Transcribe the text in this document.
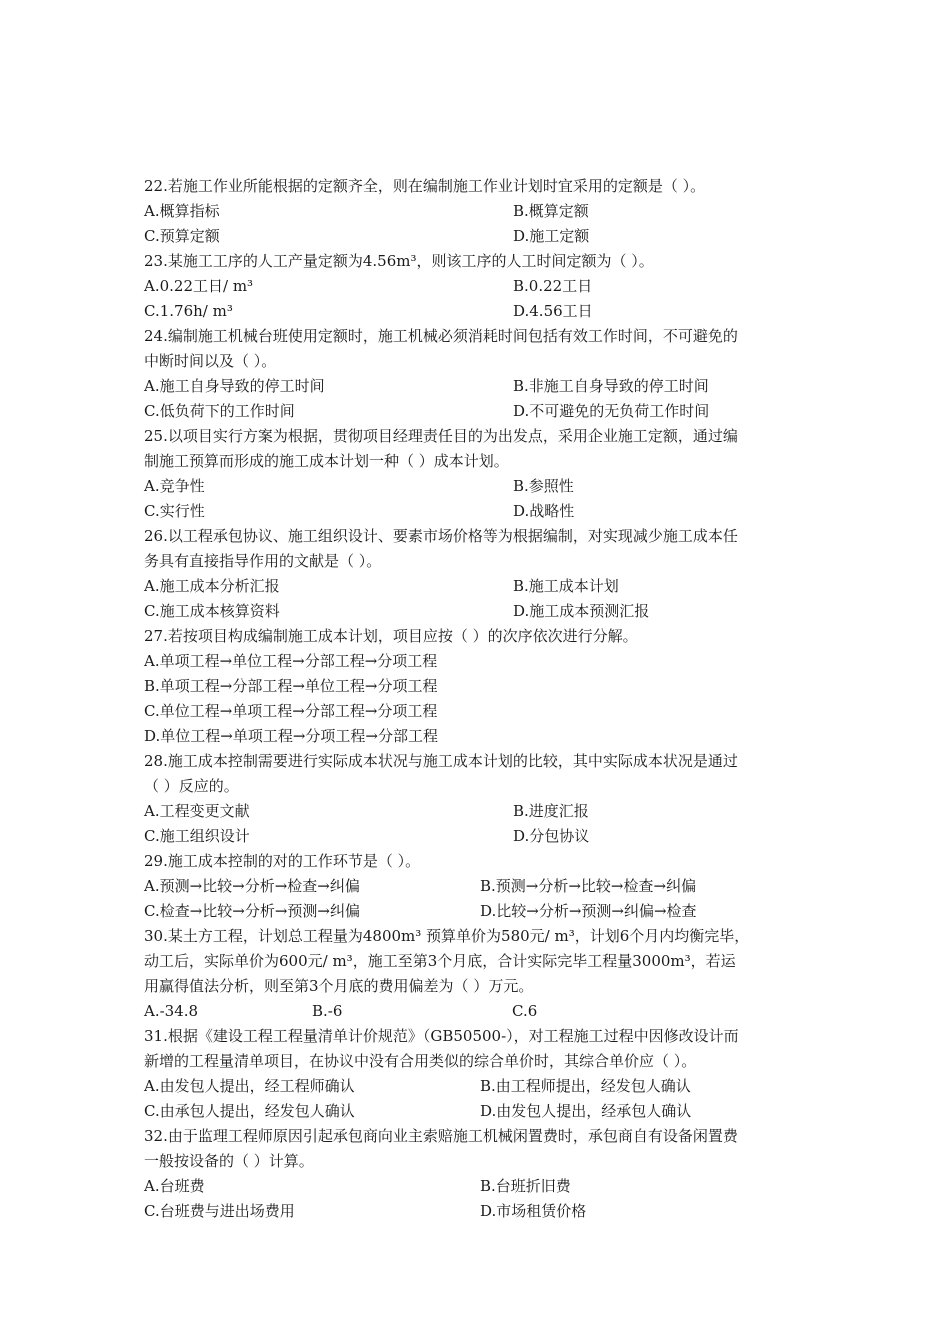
22.若施工作业所能根据的定额齐全，则在编制施工作业计划时宜采用的定额是（ ）。
A.概算指标	B.概算定额
C.预算定额	D.施工定额
23.某施工工序的人工产量定额为4.56m³，则该工序的人工时间定额为（ ）。
A.0.22工日/ m³	B.0.22工日
C.1.76h/ m³	D.4.56工日
24.编制施工机械台班使用定额时，施工机械必须消耗时间包括有效工作时间，不可避免的
中断时间以及（ ）。
A.施工自身导致的停工时间	B.非施工自身导致的停工时间
C.低负荷下的工作时间	D.不可避免的无负荷工作时间
25.以项目实行方案为根据，贯彻项目经理责任目的为出发点，采用企业施工定额，通过编
制施工预算而形成的施工成本计划一种（ ）成本计划。
A.竞争性	B.参照性
C.实行性	D.战略性
26.以工程承包协议、施工组织设计、要素市场价格等为根据编制，对实现减少施工成本任
务具有直接指导作用的文献是（ ）。
A.施工成本分析汇报	B.施工成本计划
C.施工成本核算资料	D.施工成本预测汇报
27.若按项目构成编制施工成本计划，项目应按（ ）的次序依次进行分解。
A.单项工程→单位工程→分部工程→分项工程
B.单项工程→分部工程→单位工程→分项工程
C.单位工程→单项工程→分部工程→分项工程
D.单位工程→单项工程→分项工程→分部工程
28.施工成本控制需要进行实际成本状况与施工成本计划的比较，其中实际成本状况是通过
（ ）反应的。
A.工程变更文献	B.进度汇报
C.施工组织设计	D.分包协议
29.施工成本控制的对的工作环节是（ ）。
A.预测→比较→分析→检查→纠偏	B.预测→分析→比较→检查→纠偏
C.检查→比较→分析→预测→纠偏	D.比较→分析→预测→纠偏→检查
30.某土方工程，计划总工程量为4800m³ 预算单价为580元/ m³，计划6个月内均衡完毕，
动工后，实际单价为600元/ m³，施工至第3个月底，合计实际完毕工程量3000m³，若运
用赢得值法分析，则至第3个月底的费用偏差为（ ）万元。
A.-34.8	B.-6	C.6
31.根据《建设工程工程量清单计价规范》（GB50500-），对工程施工过程中因修改设计而
新增的工程量清单项目，在协议中没有合用类似的综合单价时，其综合单价应（ ）。
A.由发包人提出，经工程师确认	B.由工程师提出，经发包人确认
C.由承包人提出，经发包人确认	D.由发包人提出，经承包人确认
32.由于监理工程师原因引起承包商向业主索赔施工机械闲置费时，承包商自有设备闲置费
一般按设备的（ ）计算。
A.台班费	B.台班折旧费
C.台班费与进出场费用	D.市场租赁价格
